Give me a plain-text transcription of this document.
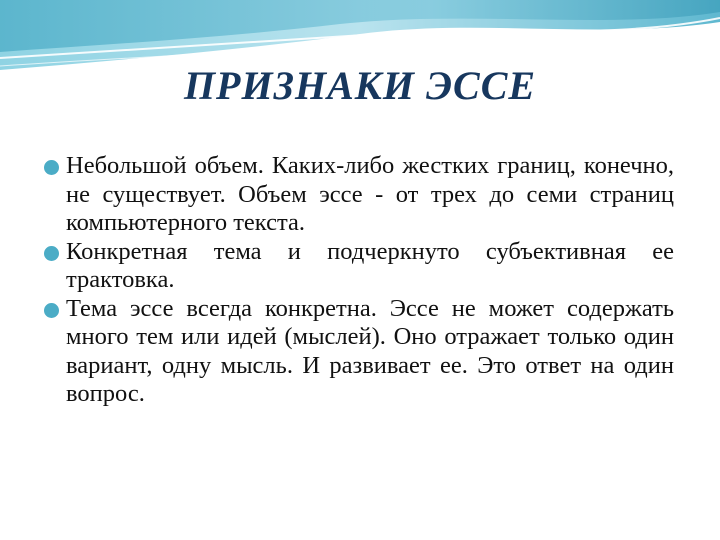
ПРИЗНАКИ ЭССЕ
Небольшой объем. Каких-либо жестких границ, конечно, не существует. Объем эссе - от трех до семи страниц компьютерного текста.
Конкретная тема и подчеркнуто субъективная ее трактовка.
Тема эссе всегда конкретна. Эссе не может содержать много тем или идей (мыслей). Оно отражает только один вариант, одну мысль. И развивает ее. Это ответ на один вопрос.
